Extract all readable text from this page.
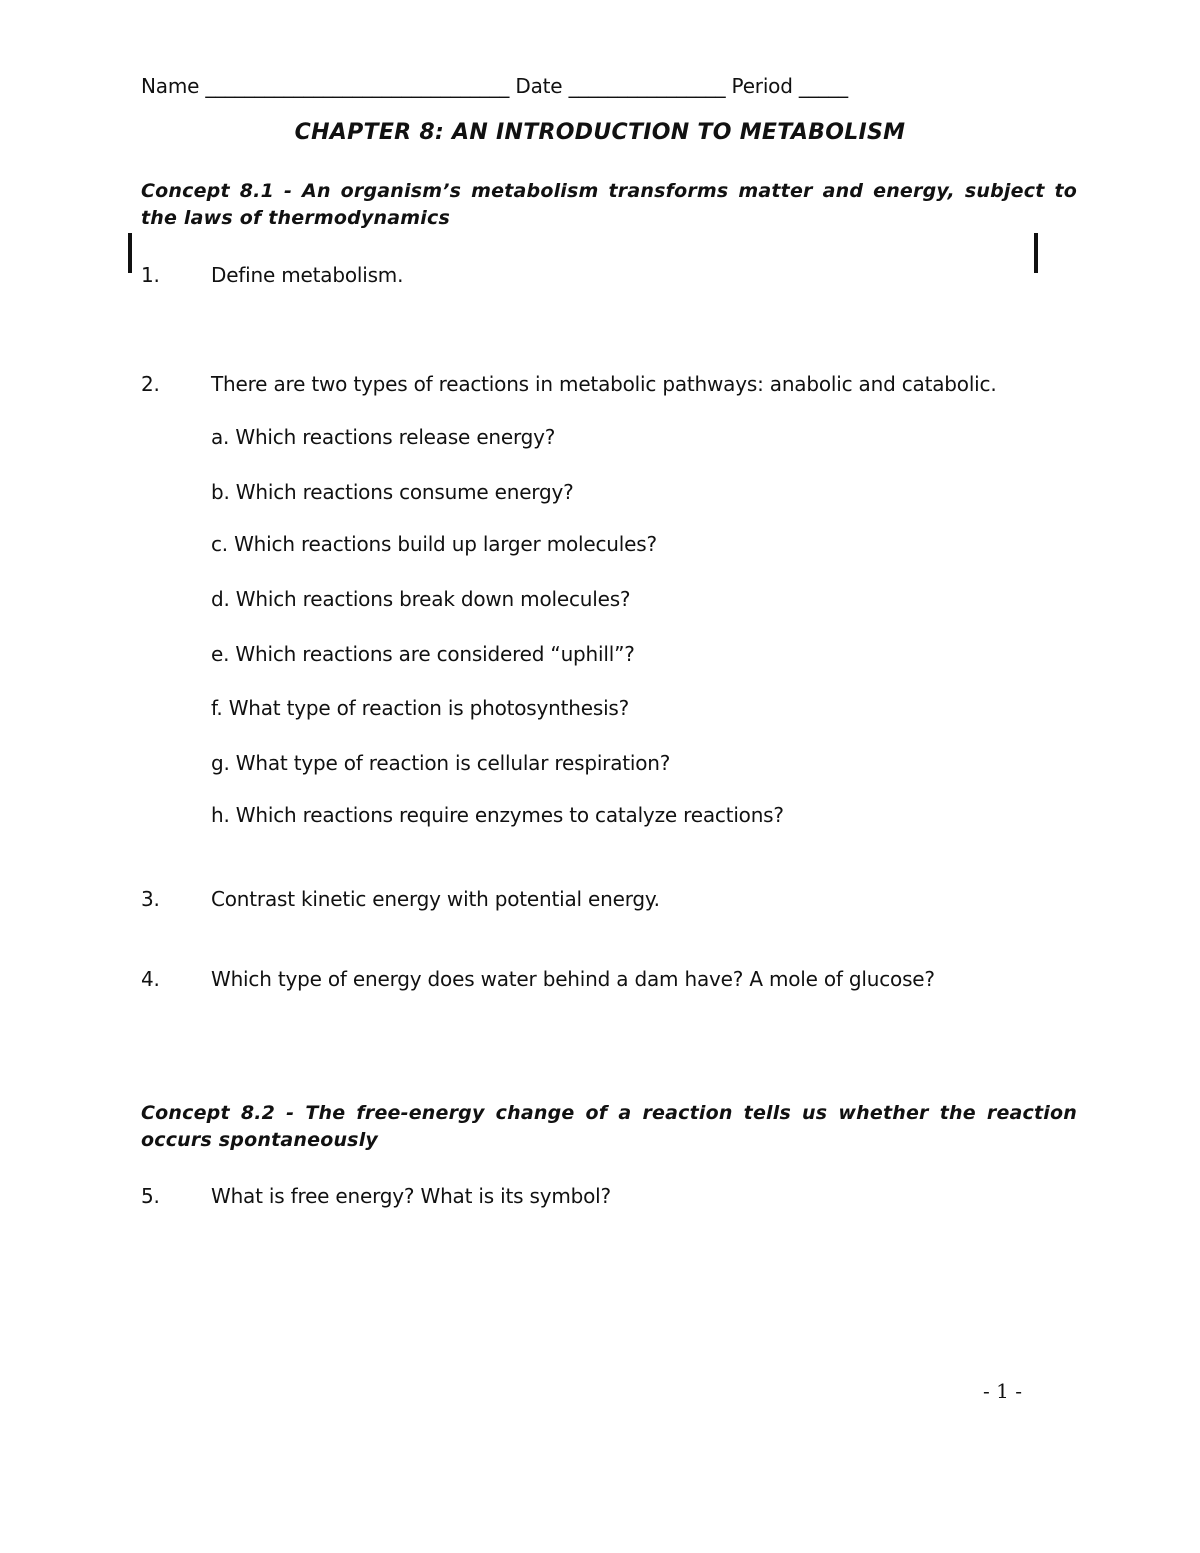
Name _______________________________ Date ________________ Period _____
CHAPTER 8: AN INTRODUCTION TO METABOLISM
Concept 8.1 - An organism’s metabolism transforms matter and energy, subject to the laws of thermodynamics
1.	Define metabolism.
2.	There are two types of reactions in metabolic pathways: anabolic and catabolic.
a. Which reactions release energy?
b. Which reactions consume energy?
c. Which reactions build up larger molecules?
d. Which reactions break down molecules?
e. Which reactions are considered “uphill”?
f. What type of reaction is photosynthesis?
g. What type of reaction is cellular respiration?
h. Which reactions require enzymes to catalyze reactions?
3.	Contrast kinetic energy with potential energy.
4.	Which type of energy does water behind a dam have? A mole of glucose?
Concept 8.2 - The free-energy change of a reaction tells us whether the reaction occurs spontaneously
5.	What is free energy? What is its symbol?
- 1 -
